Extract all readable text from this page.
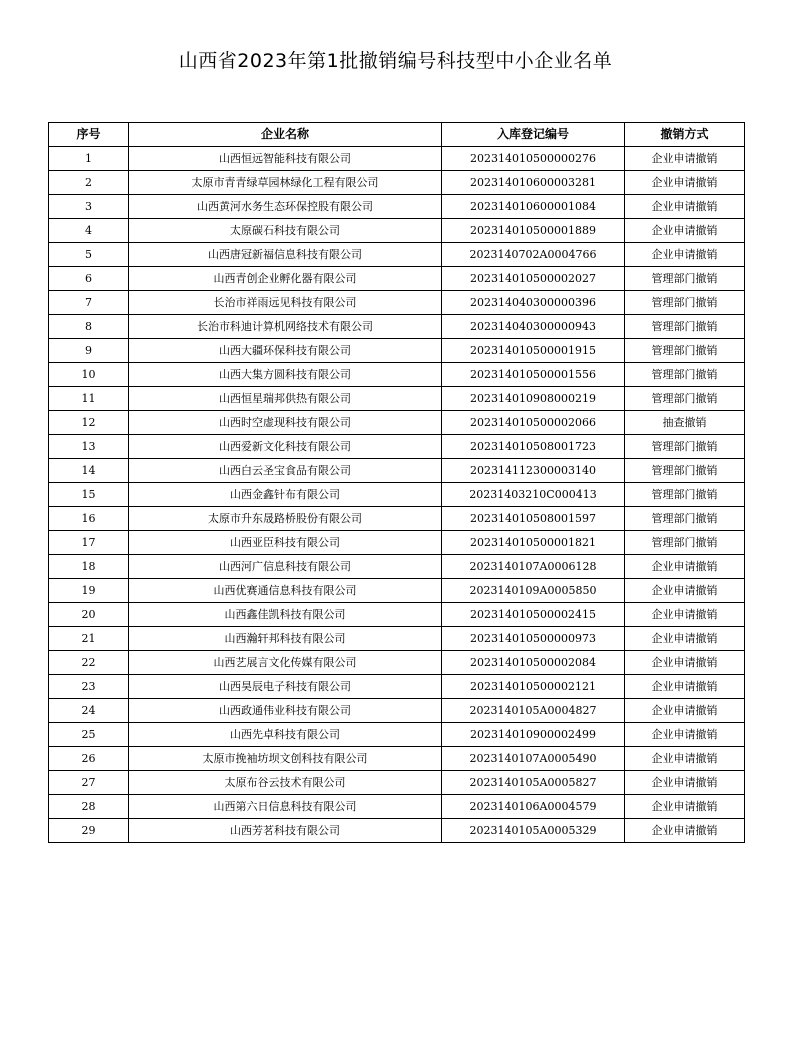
山西省2023年第1批撤销编号科技型中小企业名单
序号	企业名称	入库登记编号	撤销方式
1	山西恒远智能科技有限公司	202314010500000276	企业申请撤销
2	太原市青青绿草园林绿化工程有限公司	202314010600003281	企业申请撤销
3	山西黄河水务生态环保控股有限公司	202314010600001084	企业申请撤销
4	太原碳石科技有限公司	202314010500001889	企业申请撤销
5	山西唐冠新福信息科技有限公司	2023140702A0004766	企业申请撤销
6	山西青创企业孵化器有限公司	202314010500002027	管理部门撤销
7	长治市祥雨远见科技有限公司	202314040300000396	管理部门撤销
8	长治市科迪计算机网络技术有限公司	202314040300000943	管理部门撤销
9	山西大疆环保科技有限公司	202314010500001915	管理部门撤销
10	山西大集方圆科技有限公司	202314010500001556	管理部门撤销
11	山西恒星瑞邦供热有限公司	202314010908000219	管理部门撤销
12	山西时空虚现科技有限公司	202314010500002066	抽查撤销
13	山西爱新文化科技有限公司	202314010508001723	管理部门撤销
14	山西白云圣宝食品有限公司	202314112300003140	管理部门撤销
15	山西金鑫针布有限公司	20231403210C000413	管理部门撤销
16	太原市升东晟路桥股份有限公司	202314010508001597	管理部门撤销
17	山西亚臣科技有限公司	202314010500001821	管理部门撤销
18	山西河广信息科技有限公司	2023140107A0006128	企业申请撤销
19	山西优赛通信息科技有限公司	2023140109A0005850	企业申请撤销
20	山西鑫佳凯科技有限公司	202314010500002415	企业申请撤销
21	山西瀚轩邦科技有限公司	202314010500000973	企业申请撤销
22	山西艺展言文化传媒有限公司	202314010500002084	企业申请撤销
23	山西昊辰电子科技有限公司	202314010500002121	企业申请撤销
24	山西政通伟业科技有限公司	2023140105A0004827	企业申请撤销
25	山西先卓科技有限公司	202314010900002499	企业申请撤销
26	太原市挽袖坊坝文创科技有限公司	2023140107A0005490	企业申请撤销
27	太原布谷云技术有限公司	2023140105A0005827	企业申请撤销
28	山西第六日信息科技有限公司	2023140106A0004579	企业申请撤销
29	山西芳茗科技有限公司	2023140105A0005329	企业申请撤销
